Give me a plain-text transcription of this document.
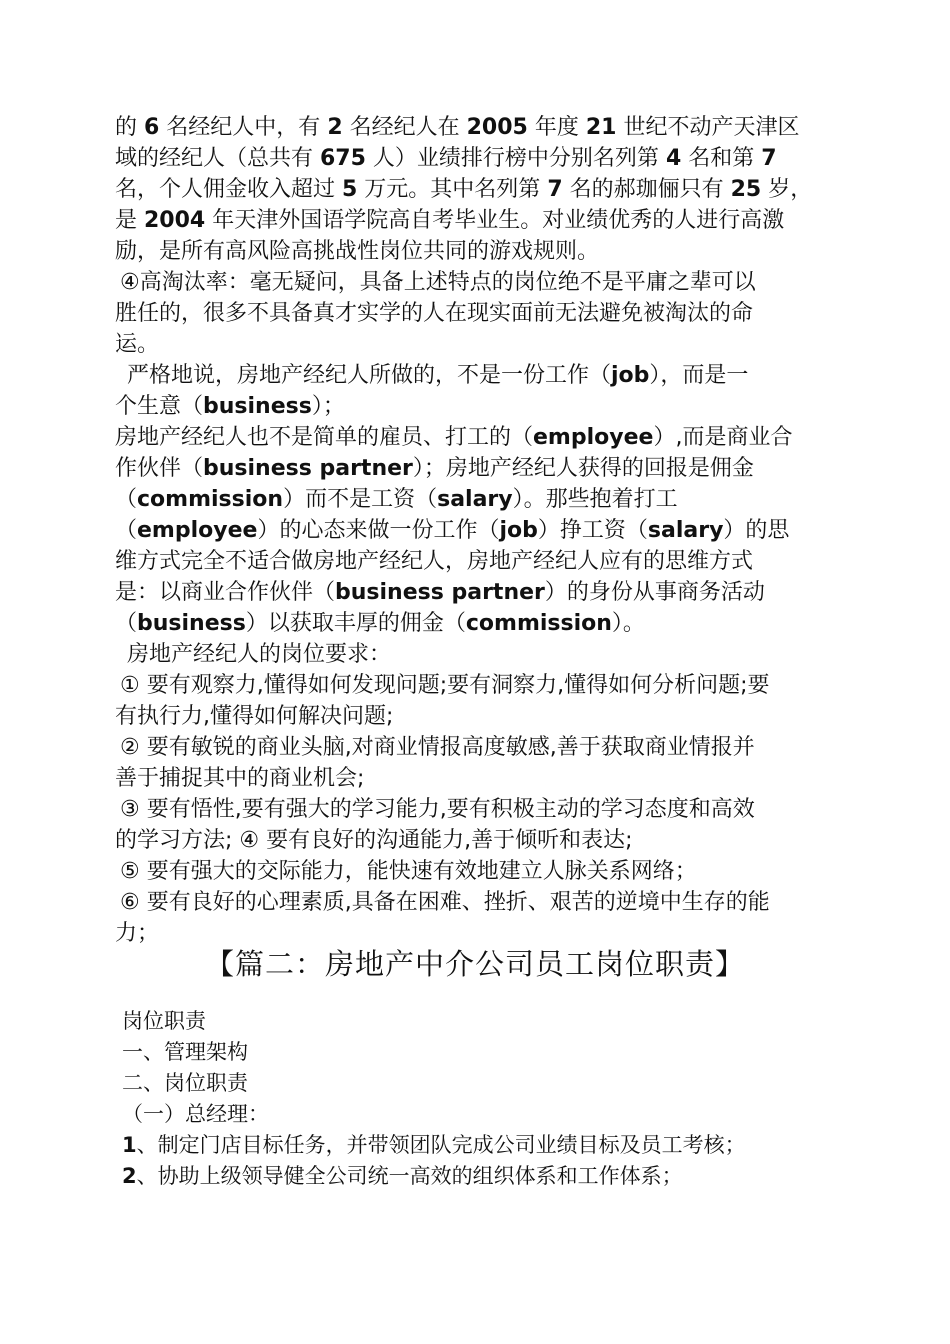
的 6 名经纪人中，有 2 名经纪人在 2005 年度 21 世纪不动产天津区
域的经纪人（总共有 675 人）业绩排行榜中分别名列第 4 名和第 7
名，个人佣金收入超过 5 万元。其中名列第 7 名的郝珈俪只有 25 岁，
是 2004 年天津外国语学院高自考毕业生。对业绩优秀的人进行高激
励，是所有高风险高挑战性岗位共同的游戏规则。
④高淘汰率：毫无疑问，具备上述特点的岗位绝不是平庸之辈可以
胜任的，很多不具备真才实学的人在现实面前无法避免被淘汰的命
运。
严格地说，房地产经纪人所做的，不是一份工作（job），而是一
个生意（business）；
房地产经纪人也不是简单的雇员、打工的（employee）,而是商业合
作伙伴（business partner）；房地产经纪人获得的回报是佣金
（commission）而不是工资（salary）。那些抱着打工
（employee）的心态来做一份工作（job）挣工资（salary）的思
维方式完全不适合做房地产经纪人，房地产经纪人应有的思维方式
是：以商业合作伙伴（business partner）的身份从事商务活动
（business）以获取丰厚的佣金（commission）。
房地产经纪人的岗位要求：
① 要有观察力,懂得如何发现问题;要有洞察力,懂得如何分析问题;要
有执行力,懂得如何解决问题;
② 要有敏锐的商业头脑,对商业情报高度敏感,善于获取商业情报并
善于捕捉其中的商业机会;
③ 要有悟性,要有强大的学习能力,要有积极主动的学习态度和高效
的学习方法; ④ 要有良好的沟通能力,善于倾听和表达;
⑤ 要有强大的交际能力，能快速有效地建立人脉关系网络；
⑥ 要有良好的心理素质,具备在困难、挫折、艰苦的逆境中生存的能
力；
【篇二：房地产中介公司员工岗位职责】
岗位职责
一、管理架构
二、岗位职责
（一）总经理：
1、制定门店目标任务，并带领团队完成公司业绩目标及员工考核；
2、协助上级领导健全公司统一高效的组织体系和工作体系；
